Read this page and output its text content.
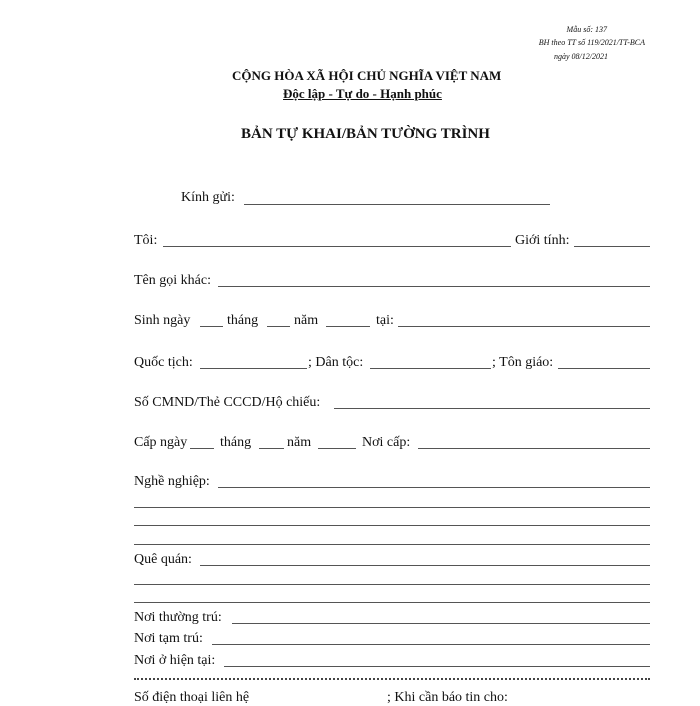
Mẫu số: 137
BH theo TT số 119/2021/TT-BCA
ngày 08/12/2021
CỘNG HÒA XÃ HỘI CHỦ NGHĨA VIỆT NAM
Độc lập - Tự do - Hạnh phúc
BẢN TỰ KHAI/BẢN TƯỜNG TRÌNH
Kính gửi:
Tôi:	Giới tính:
Tên gọi khác:
Sinh ngày	tháng	năm	tại:
Quốc tịch:	; Dân tộc:	; Tôn giáo:
Số CMND/Thẻ CCCD/Hộ chiếu:
Cấp ngày tháng	năm	Nơi cấp:
Nghề nghiệp:
Quê quán:
Nơi thường trú:
Nơi tạm trú:
Nơi ở hiện tại:
Số điện thoại liên hệ	; Khi cần báo tin cho:
